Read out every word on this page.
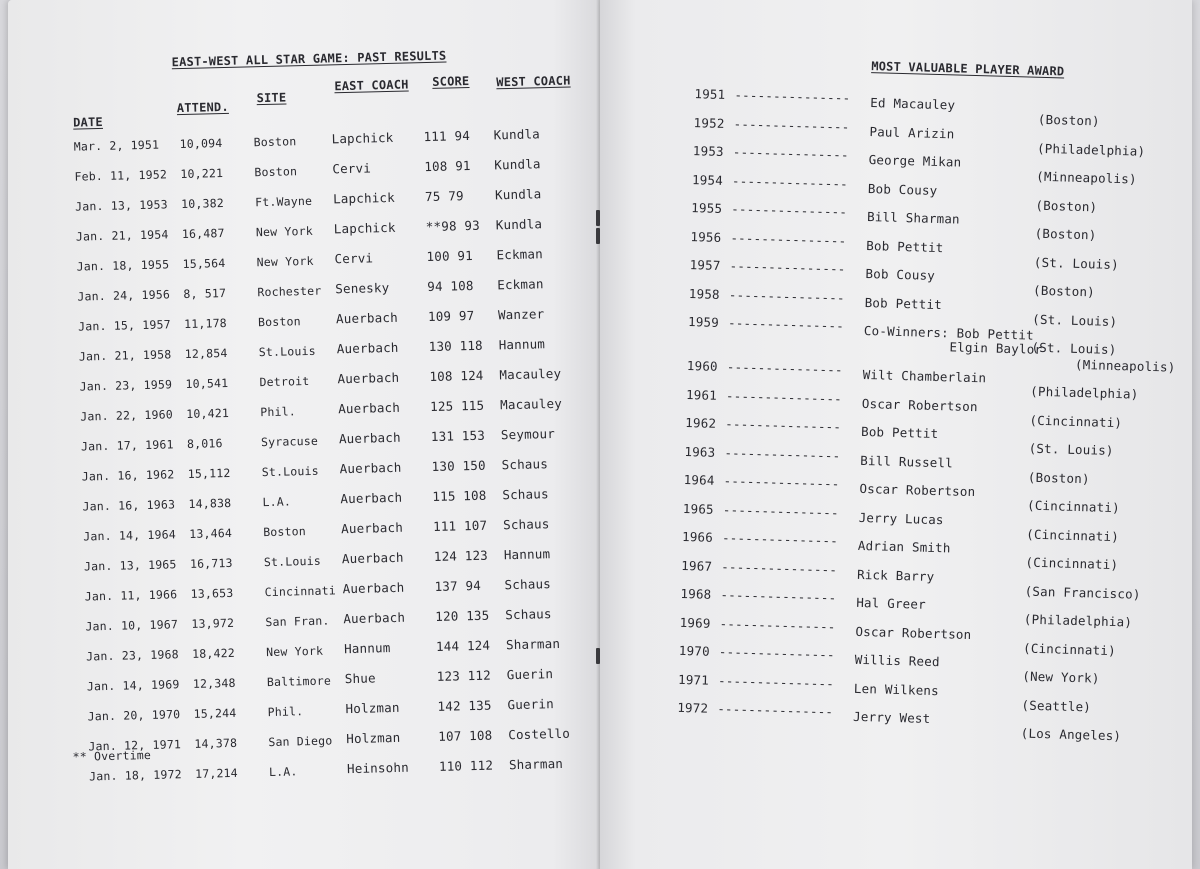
EAST-WEST ALL STAR GAME: PAST RESULTS
DATE
ATTEND.
SITE
EAST COACH SCORE WEST COACH
Mar. 2, 1951 10,094	Boston	Lapchick 111 94 Kundla
Feb. 11, 1952 10,221	Boston	Cervi	108 91 Kundla
Jan. 13, 1953 10,382	Ft.Wayne Lapchick 75 79 Kundla
Jan. 21, 1954 16,487	New York Lapchick **98 93 Kundla
Jan. 18, 1955 15,564	New York Cervi	100 91 Eckman
Jan. 24, 1956 8, 517	Rochester Senesky	94 108 Eckman
Jan. 15, 1957 11,178	Boston	Auerbach 109 97 Wanzer
Jan. 21, 1958 12,854	St.Louis Auerbach 130 118 Hannum
Jan. 23, 1959 10,541	Detroit Auerbach 108 124 Macauley
Jan. 22, 1960 10,421	Phil.	Auerbach 125 115 Macauley
Jan. 17, 1961 8,016	Syracuse Auerbach 131 153 Seymour
Jan. 16, 1962 15,112	St.Louis Auerbach 130 150 Schaus
Jan. 16, 1963 14,838	L.A.	Auerbach 115 108 Schaus
Jan. 14, 1964 13,464	Boston	Auerbach 111 107 Schaus
Jan. 13, 1965 16,713	St.Louis Auerbach 124 123 Hannum
Jan. 11, 1966 13,653	Cincinnati Auerbach 137 94 Schaus
Jan. 10, 1967 13,972	San Fran. Auerbach 120 135 Schaus
Jan. 23, 1968 18,422	New York Hannum	144 124 Sharman
Jan. 14, 1969 12,348	Baltimore Shue	123 112 Guerin
Jan. 20, 1970 15,244	Phil.	Holzman	142 135 Guerin
Jan. 12, 1971 14,378	San Diego Holzman	107 108 Costello
Jan. 18, 1972 17,214	L.A.	Heinsohn 110 112 Sharman
** Overtime
MOST VALUABLE PLAYER AWARD
1951 --------------- Ed Macauley
(Boston)
1952 --------------- Paul Arizin
(Philadelphia)
1953 --------------- George Mikan
(Minneapolis)
1954 --------------- Bob Cousy
(Boston)
1955 --------------- Bill Sharman
(Boston)
1956 --------------- Bob Pettit
(St. Louis)
1957 --------------- Bob Cousy
(Boston)
1958 --------------- Bob Pettit
(St. Louis)
1959 --------------- Co-Winners: Bob Pettit
(St. Louis)
Elgin Baylor
(Minneapolis)
1960 --------------- Wilt Chamberlain
(Philadelphia)
1961 --------------- Oscar Robertson
(Cincinnati)
1962 --------------- Bob Pettit
(St. Louis)
1963 --------------- Bill Russell
(Boston)
1964 --------------- Oscar Robertson
(Cincinnati)
1965 --------------- Jerry Lucas
(Cincinnati)
1966 --------------- Adrian Smith
(Cincinnati)
1967 --------------- Rick Barry
(San Francisco)
1968 --------------- Hal Greer
(Philadelphia)
1969 --------------- Oscar Robertson
(Cincinnati)
1970 --------------- Willis Reed
(New York)
1971 --------------- Len Wilkens
(Seattle)
1972 --------------- Jerry West
(Los Angeles)
